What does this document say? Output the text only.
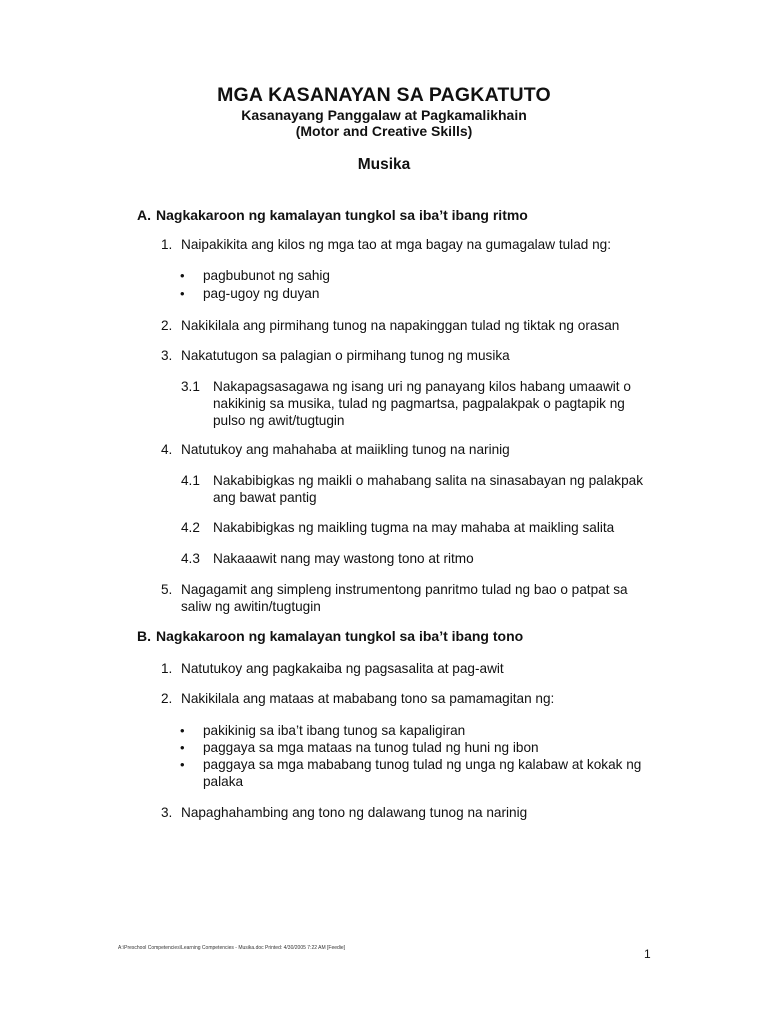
MGA KASANAYAN SA PAGKATUTO
Kasanayang Panggalaw at Pagkamalikhain
(Motor and Creative Skills)
Musika
A. Nagkakaroon ng kamalayan tungkol sa iba’t ibang ritmo
1. Naipakikita ang kilos ng mga tao at mga bagay na gumagalaw tulad ng:
• pagbubunot ng sahig
• pag-ugoy ng duyan
2. Nakikilala ang pirmihang tunog na napakinggan tulad ng tiktak ng orasan
3. Nakatutugon sa palagian o pirmihang tunog ng musika
3.1 Nakapagsasagawa ng isang uri ng panayang kilos habang umaawit o
nakikinig sa musika, tulad ng pagmartsa, pagpalakpak o pagtapik ng
pulso ng awit/tugtugin
4. Natutukoy ang mahahaba at maiikling tunog na narinig
4.1 Nakabibigkas ng maikli o mahabang salita na sinasabayan ng palakpak
ang bawat pantig
4.2 Nakabibigkas ng maikling tugma na may mahaba at maikling salita
4.3 Nakaaawit nang may wastong tono at ritmo
5. Nagagamit ang simpleng instrumentong panritmo tulad ng bao o patpat sa
saliw ng awitin/tugtugin
B. Nagkakaroon ng kamalayan tungkol sa iba’t ibang tono
1. Natutukoy ang pagkakaiba ng pagsasalita at pag-awit
2. Nakikilala ang mataas at mababang tono sa pamamagitan ng:
• pakikinig sa iba’t ibang tunog sa kapaligiran
• paggaya sa mga mataas na tunog tulad ng huni ng ibon
• paggaya sa mga mababang tunog tulad ng unga ng kalabaw at kokak ng
palaka
3. Napaghahambing ang tono ng dalawang tunog na narinig
A:\Preschool Competencies\Learning Competencies - Musika.doc Printed: 4/30/2005 7:22 AM [Feedie]	1
